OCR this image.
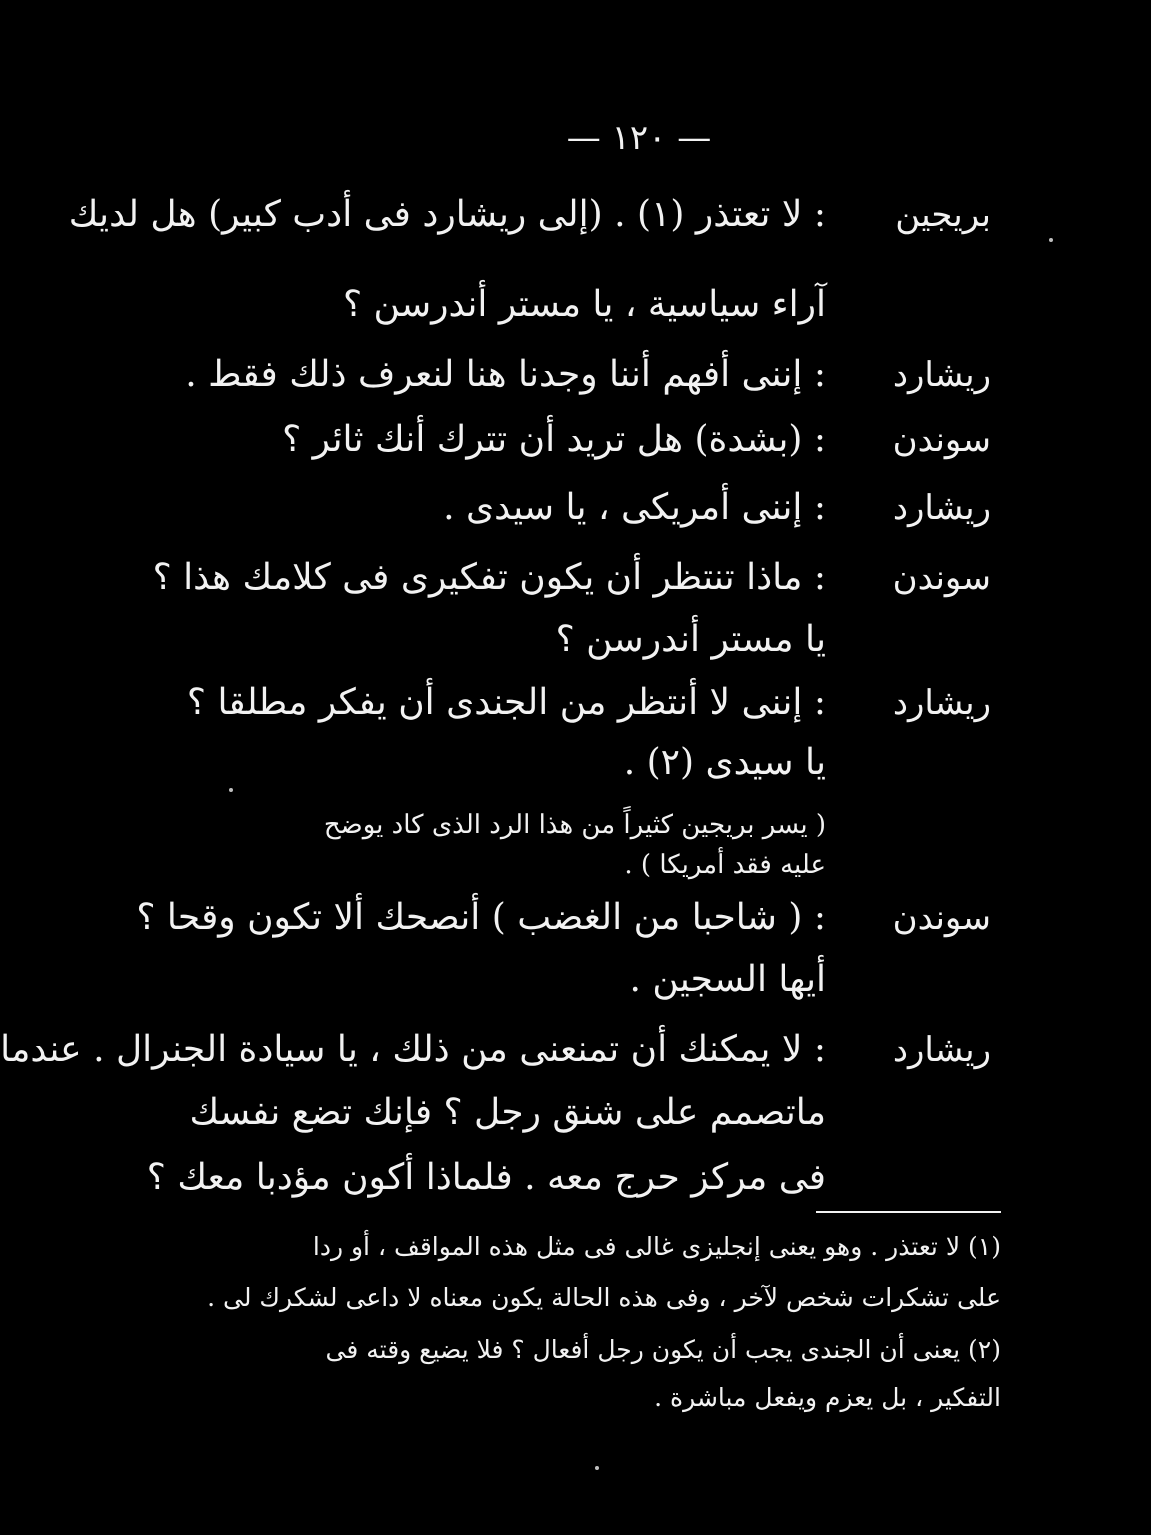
— ١٢٠ —
بريجين
: لا تعتذر (١) . (إلى ريشارد فى أدب كبير) هل لديك
آراء سياسية ، يا مستر أندرسن ؟
ريشارد
: إننى أفهم أننا وجدنا هنا لنعرف ذلك فقط .
سوندن
: (بشدة) هل تريد أن تترك أنك ثائر ؟
ريشارد
: إننى أمريكى ، يا سيدى .
سوندن
: ماذا تنتظر أن يكون تفكيرى فى كلامك هذا ؟
يا مستر أندرسن ؟
ريشارد
: إننى لا أنتظر من الجندى أن يفكر مطلقا ؟
يا سيدى (٢) .
( يسر بريجين كثيراً من هذا الرد الذى كاد يوضح
عليه فقد أمريكا ) .
سوندن
: ( شاحبا من الغضب ) أنصحك ألا تكون وقحا ؟
أيها السجين .
ريشارد
: لا يمكنك أن تمنعنى من ذلك ، يا سيادة الجنرال . عندما
ماتصمم على شنق رجل ؟ فإنك تضع نفسك
فى مركز حرج معه . فلماذا أكون مؤدبا معك ؟
(١) لا تعتذر . وهو يعنى إنجليزى غالى فى مثل هذه المواقف ، أو ردا
على تشكرات شخص لآخر ، وفى هذه الحالة يكون معناه لا داعى لشكرك لى .
(٢) يعنى أن الجندى يجب أن يكون رجل أفعال ؟ فلا يضيع وقته فى
التفكير ، بل يعزم ويفعل مباشرة .
